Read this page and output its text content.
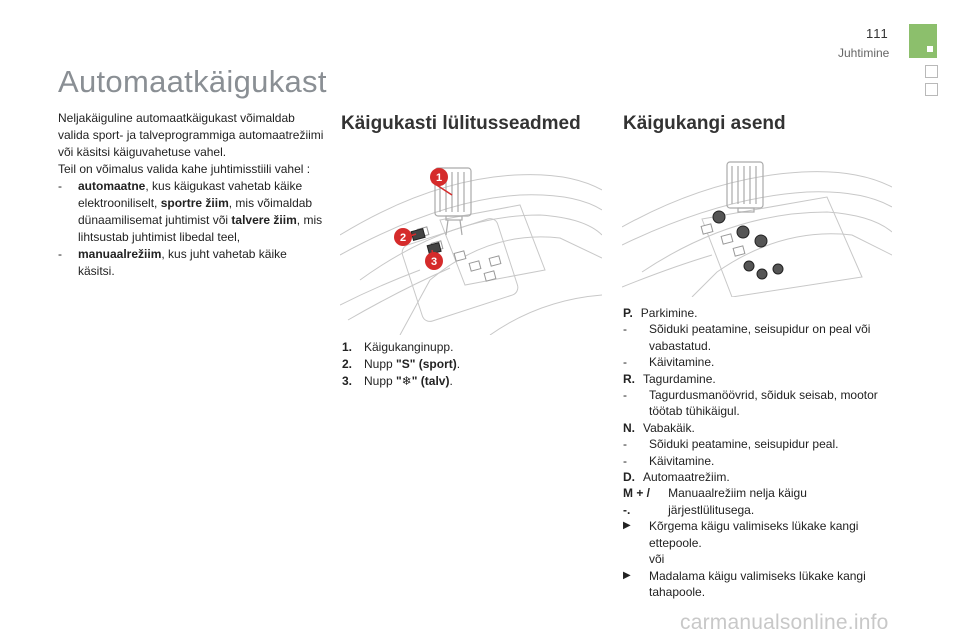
111
Juhtimine
Automaatkäigukast

Neljakäiguline automaatkäigukast võimaldab valida sport- ja talveprogrammiga automaatrežiimi või käsitsi käiguvahetuse vahel.

Teil on võimalus valida kahe juhtimisstiili vahel :

-	automaatne, kus käigukast vahetab käike elektrooniliselt, sportre žiim, mis võimaldab dünaamilisemat juhtimist või talvere žiim, mis lihtsustab juhtimist libedal teel,
-	manuaalrežiim, kus juht vahetab käike käsitsi.
Käigukasti lülitusseadmed
1
2
3
1. Käigukanginupp.
2. Nupp "S" (sport).
3. Nupp "❄" (talv).
Käigukangi asend
P. Parkimine.
-	Sõiduki peatamine, seisupidur on peal või vabastatud.
-	Käivitamine.
R. Tagurdamine.
-	Tagurdusmanöövrid, sõiduk seisab, mootor töötab tühikäigul.
N. Vabakäik.
-	Sõiduki peatamine, seisupidur peal.
-	Käivitamine.
D. Automaatrežiim.
M + / -.
Manuaalrežiim nelja käigu järjestlülitusega.
▶	Kõrgema käigu valimiseks lükake kangi ettepoole.
või
▶	Madalama käigu valimiseks lükake kangi tahapoole.
carmanualsonline.info
